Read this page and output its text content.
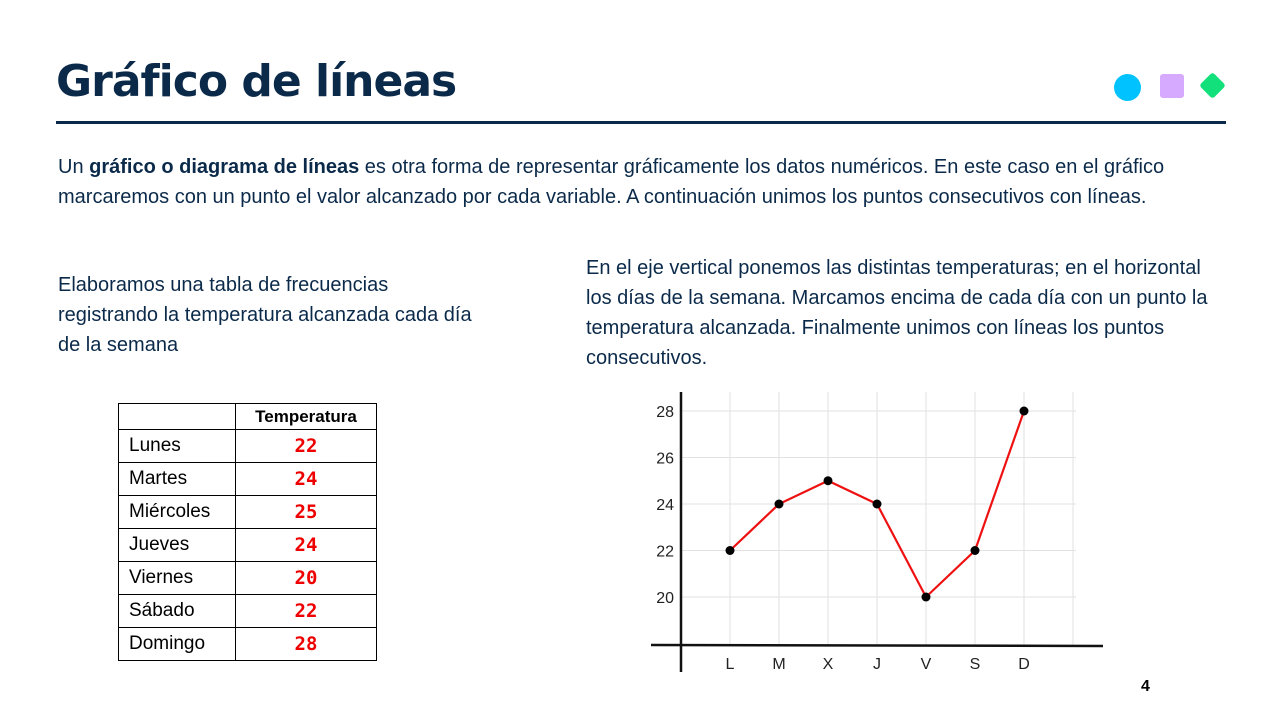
Gráfico de líneas
Un gráfico o diagrama de líneas es otra forma de representar gráficamente los datos numéricos. En este caso en el gráfico marcaremos con un punto el valor alcanzado por cada variable. A continuación unimos los puntos consecutivos con líneas.
Elaboramos una tabla de frecuencias registrando la temperatura alcanzada cada día de la semana
En el eje vertical ponemos las distintas temperaturas; en el horizontal los días de la semana. Marcamos encima de cada día con un punto la temperatura alcanzada. Finalmente unimos con líneas los puntos consecutivos.
	Temperatura
Lunes	22
Martes	24
Miércoles	25
Jueves	24
Viernes	20
Sábado	22
Domingo	28
20
22
24
26
28
L M X J V S D
4
